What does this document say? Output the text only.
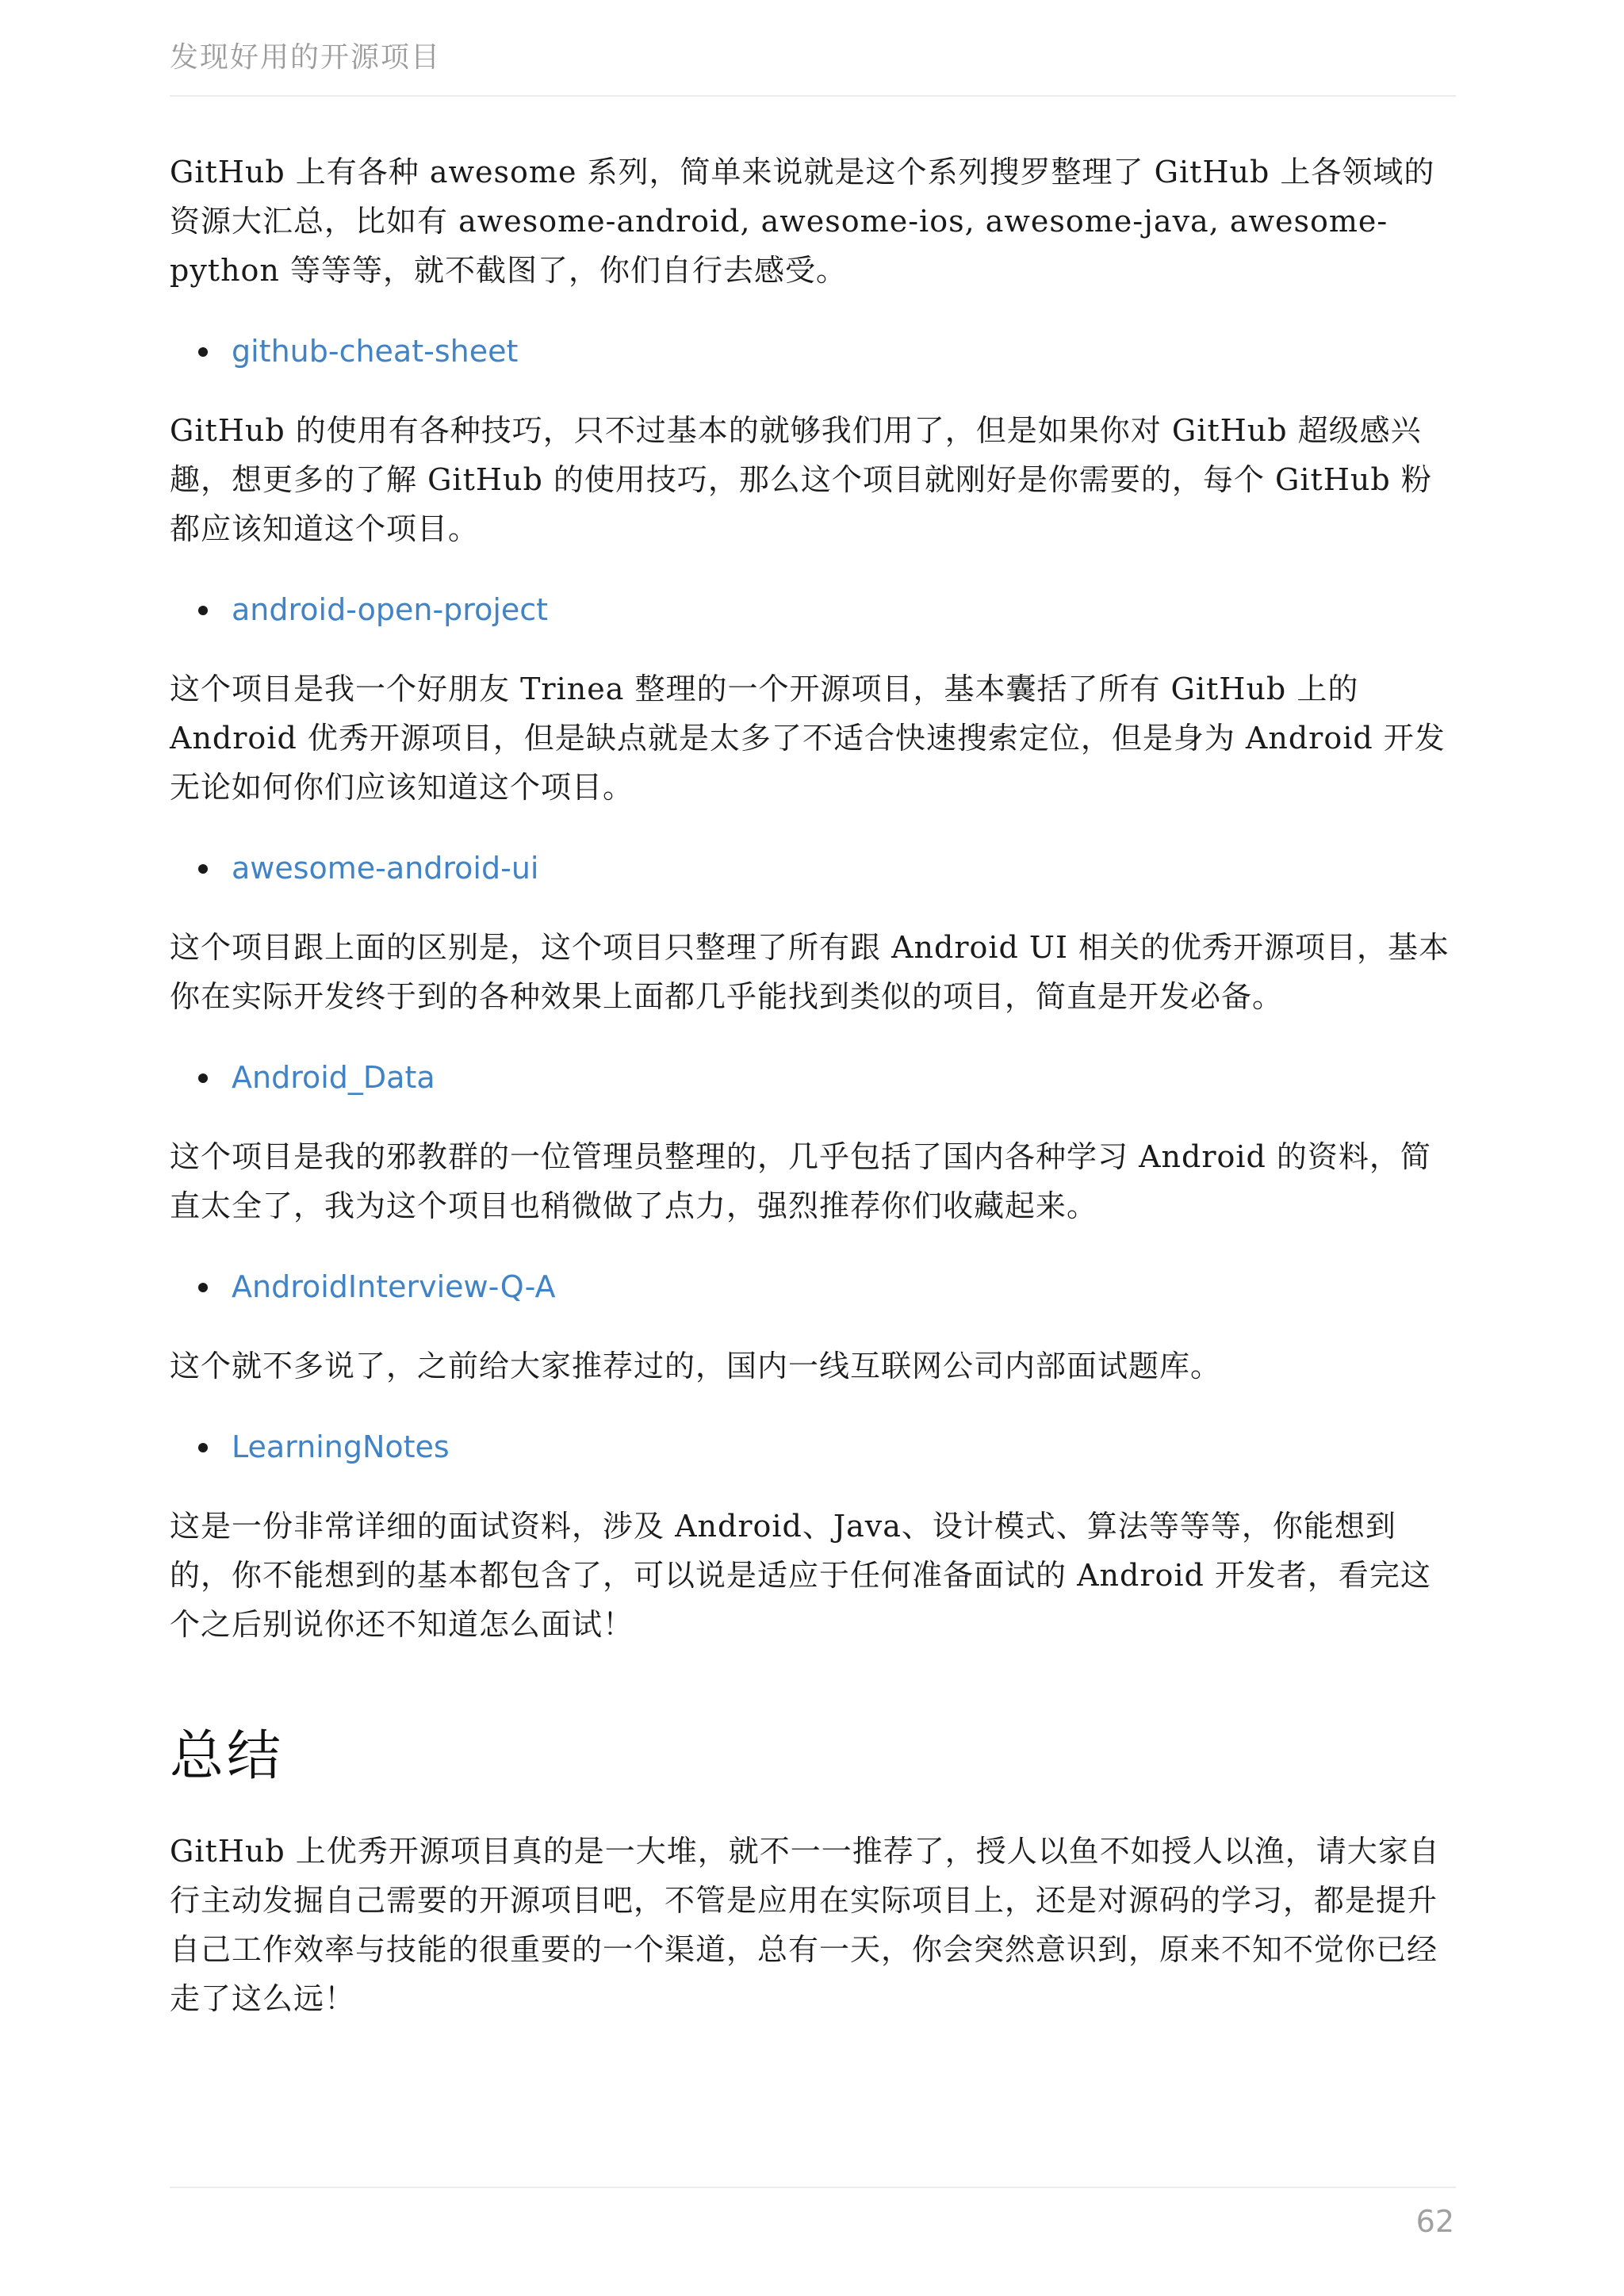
发现好用的开源项目

GitHub 上有各种 awesome 系列，简单来说就是这个系列搜罗整理了 GitHub 上各领域的资源大汇总，比如有 awesome-android, awesome-ios, awesome-java, awesome-python 等等等，就不截图了，你们自行去感受。

github-cheat-sheet

GitHub 的使用有各种技巧，只不过基本的就够我们用了，但是如果你对 GitHub 超级感兴趣，想更多的了解 GitHub 的使用技巧，那么这个项目就刚好是你需要的，每个 GitHub 粉都应该知道这个项目。

android-open-project

这个项目是我一个好朋友 Trinea 整理的一个开源项目，基本囊括了所有 GitHub 上的 Android 优秀开源项目，但是缺点就是太多了不适合快速搜索定位，但是身为 Android 开发无论如何你们应该知道这个项目。

awesome-android-ui

这个项目跟上面的区别是，这个项目只整理了所有跟 Android UI 相关的优秀开源项目，基本你在实际开发终于到的各种效果上面都几乎能找到类似的项目，简直是开发必备。

Android_Data

这个项目是我的邪教群的一位管理员整理的，几乎包括了国内各种学习 Android 的资料，简直太全了，我为这个项目也稍微做了点力，强烈推荐你们收藏起来。

AndroidInterview-Q-A

这个就不多说了，之前给大家推荐过的，国内一线互联网公司内部面试题库。

LearningNotes

这是一份非常详细的面试资料，涉及 Android、Java、设计模式、算法等等等，你能想到的，你不能想到的基本都包含了，可以说是适应于任何准备面试的 Android 开发者，看完这个之后别说你还不知道怎么面试！

总结

GitHub 上优秀开源项目真的是一大堆，就不一一推荐了，授人以鱼不如授人以渔，请大家自行主动发掘自己需要的开源项目吧，不管是应用在实际项目上，还是对源码的学习，都是提升自己工作效率与技能的很重要的一个渠道，总有一天，你会突然意识到，原来不知不觉你已经走了这么远！

62
